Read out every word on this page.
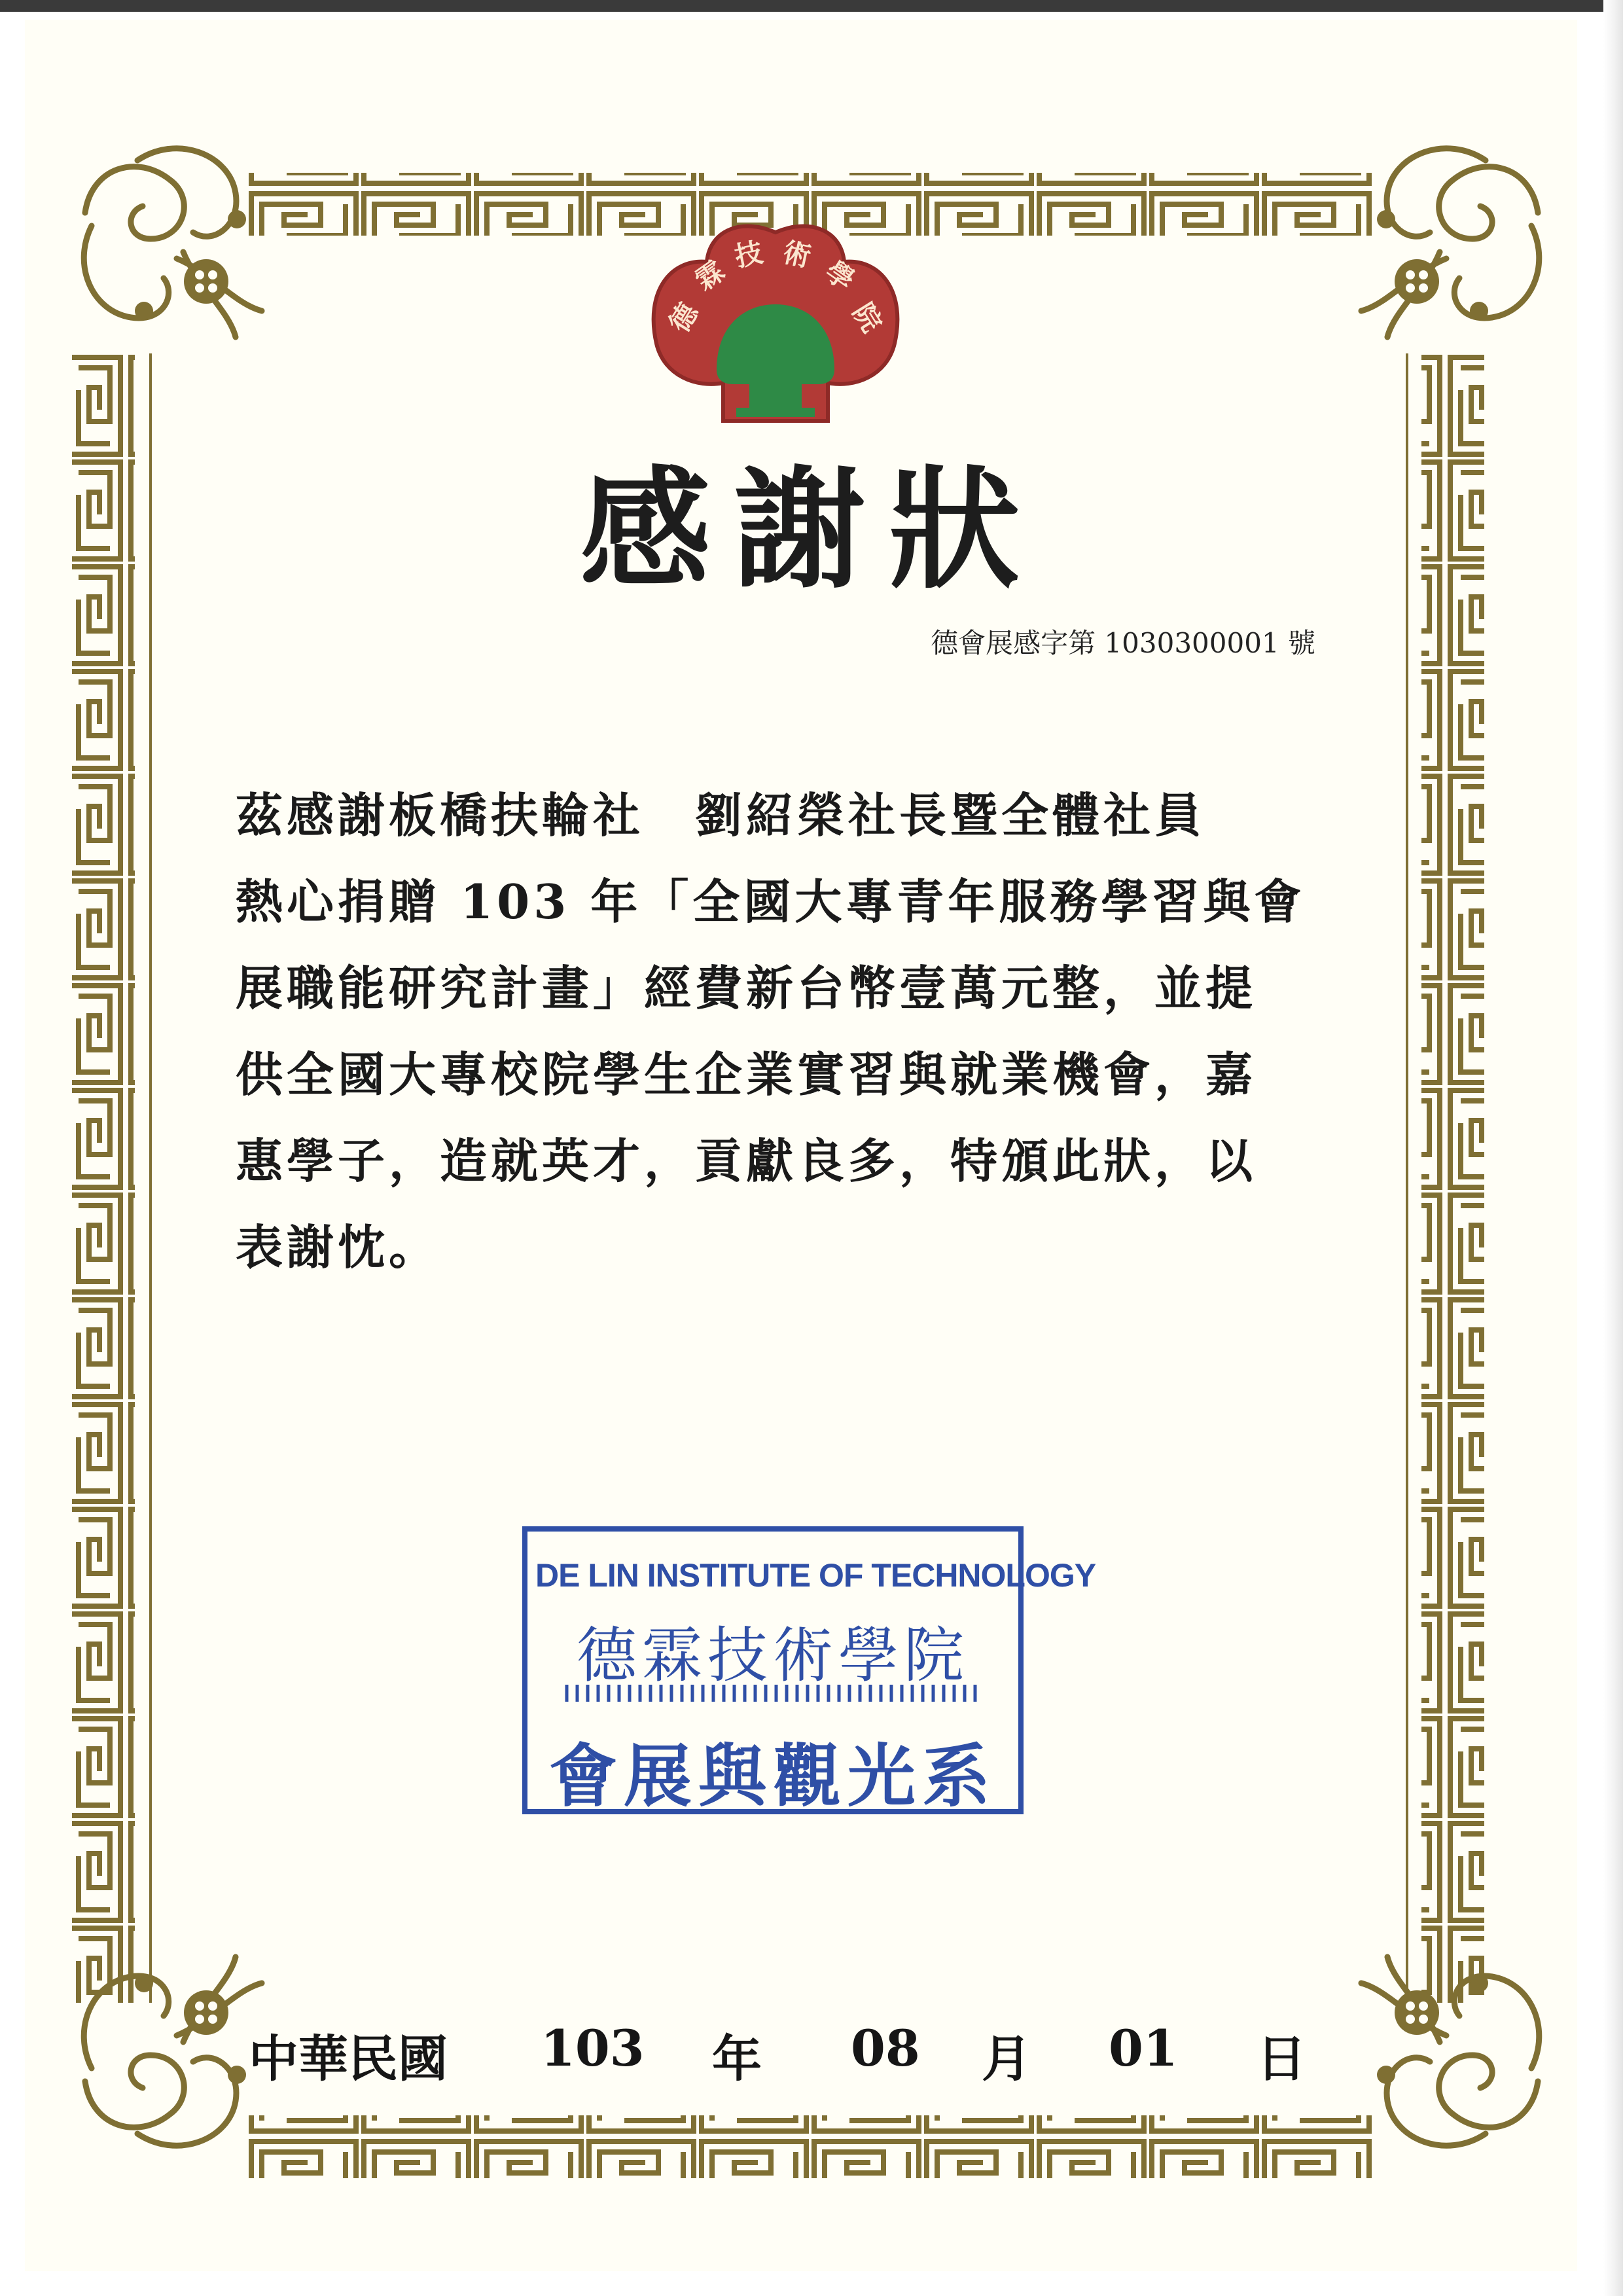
德
霖
技 術
學
院
感謝狀
德會展感字第 1030300001 號

茲感謝板橋扶輪社　劉紹榮社長暨全體社員

熱心捐贈 103 年「全國大專青年服務學習與會

展職能研究計畫」經費新台幣壹萬元整，並提

供全國大專校院學生企業實習與就業機會，嘉

惠學子，造就英才，貢獻良多，特頒此狀，以

表謝忱。

DE LIN INSTITUTE OF TECHNOLOGY
德霖技術學院
會展與觀光系
中華民國 103 年 08 月 01 日
